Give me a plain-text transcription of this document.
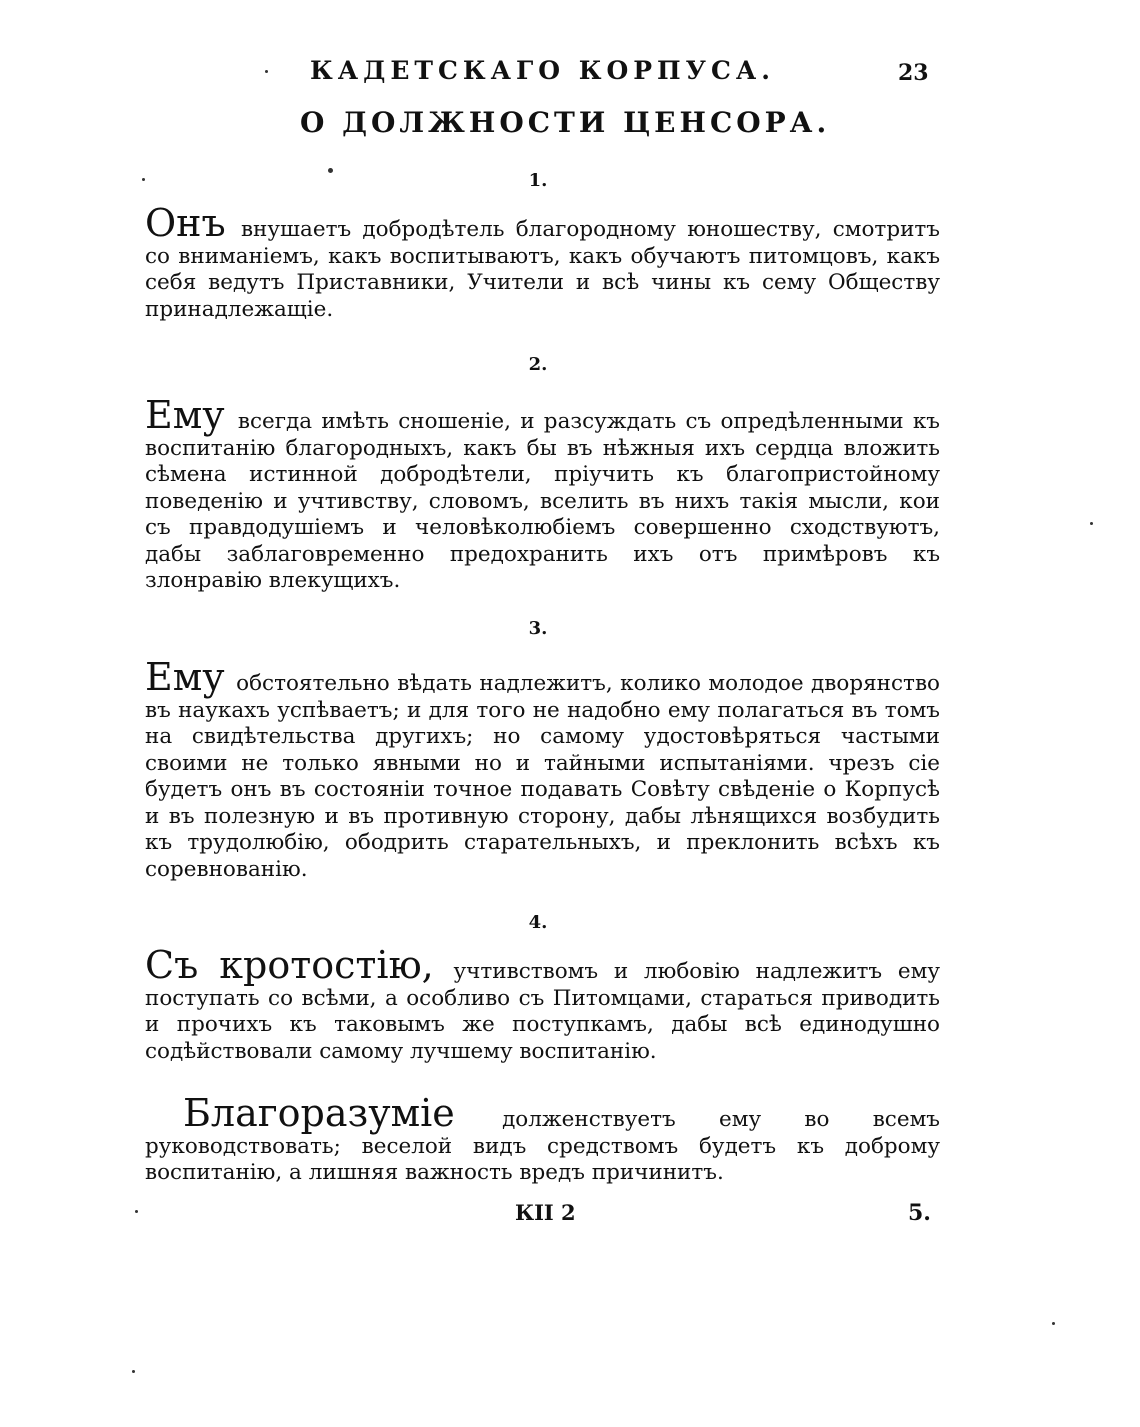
КАДЕТСКАГО КОРПУСА.	23
О ДОЛЖНОСТИ ЦЕНСОРА.
1.
Онъ внушаетъ добродѣтель благородному юношеству, смотритъ со вниманіемъ, какъ воспитываютъ, какъ обучаютъ питомцовъ, какъ себя ведутъ Приставники, Учители и всѣ чины къ сему Обществу принадлежащіе.
2.
Ему всегда имѣть сношеніе, и разсуждать съ опредѣленными къ воспитанію благородныхъ, какъ бы въ нѣжныя ихъ сердца вложить сѣмена истинной добродѣтели, пріучить къ благопристойному поведенію и учтивству, словомъ, вселить въ нихъ такія мысли, кои съ правдодушіемъ и человѣколюбіемъ совершенно сходствуютъ, дабы заблаговременно предохранить ихъ отъ примѣровъ къ злонравію влекущихъ.
3.
Ему обстоятельно вѣдать надлежитъ, колико молодое дворянство въ наукахъ успѣваетъ; и для того не надобно ему полагаться въ томъ на свидѣтельства другихъ; но самому удостовѣряться частыми своими не только явными но и тайными испытаніями. чрезъ сіе будетъ онъ въ состояніи точное подавать Совѣту свѣденіе о Корпусѣ и въ полезную и въ противную сторону, дабы лѣнящихся возбудить къ трудолюбію, ободрить старательныхъ, и преклонить всѣхъ къ соревнованію.
4.
Съ кротостію, учтивствомъ и любовію надлежитъ ему поступать со всѣми, а особливо съ Питомцами, стараться приводить и прочихъ къ таковымъ же поступкамъ, дабы всѣ единодушно содѣйствовали самому лучшему воспитанію.
Благоразуміе долженствуетъ ему во всемъ руководствовать; веселой видъ средствомъ будетъ къ доброму воспитанію, а лишняя важность вредъ причинитъ.
КІІ 2	5.
